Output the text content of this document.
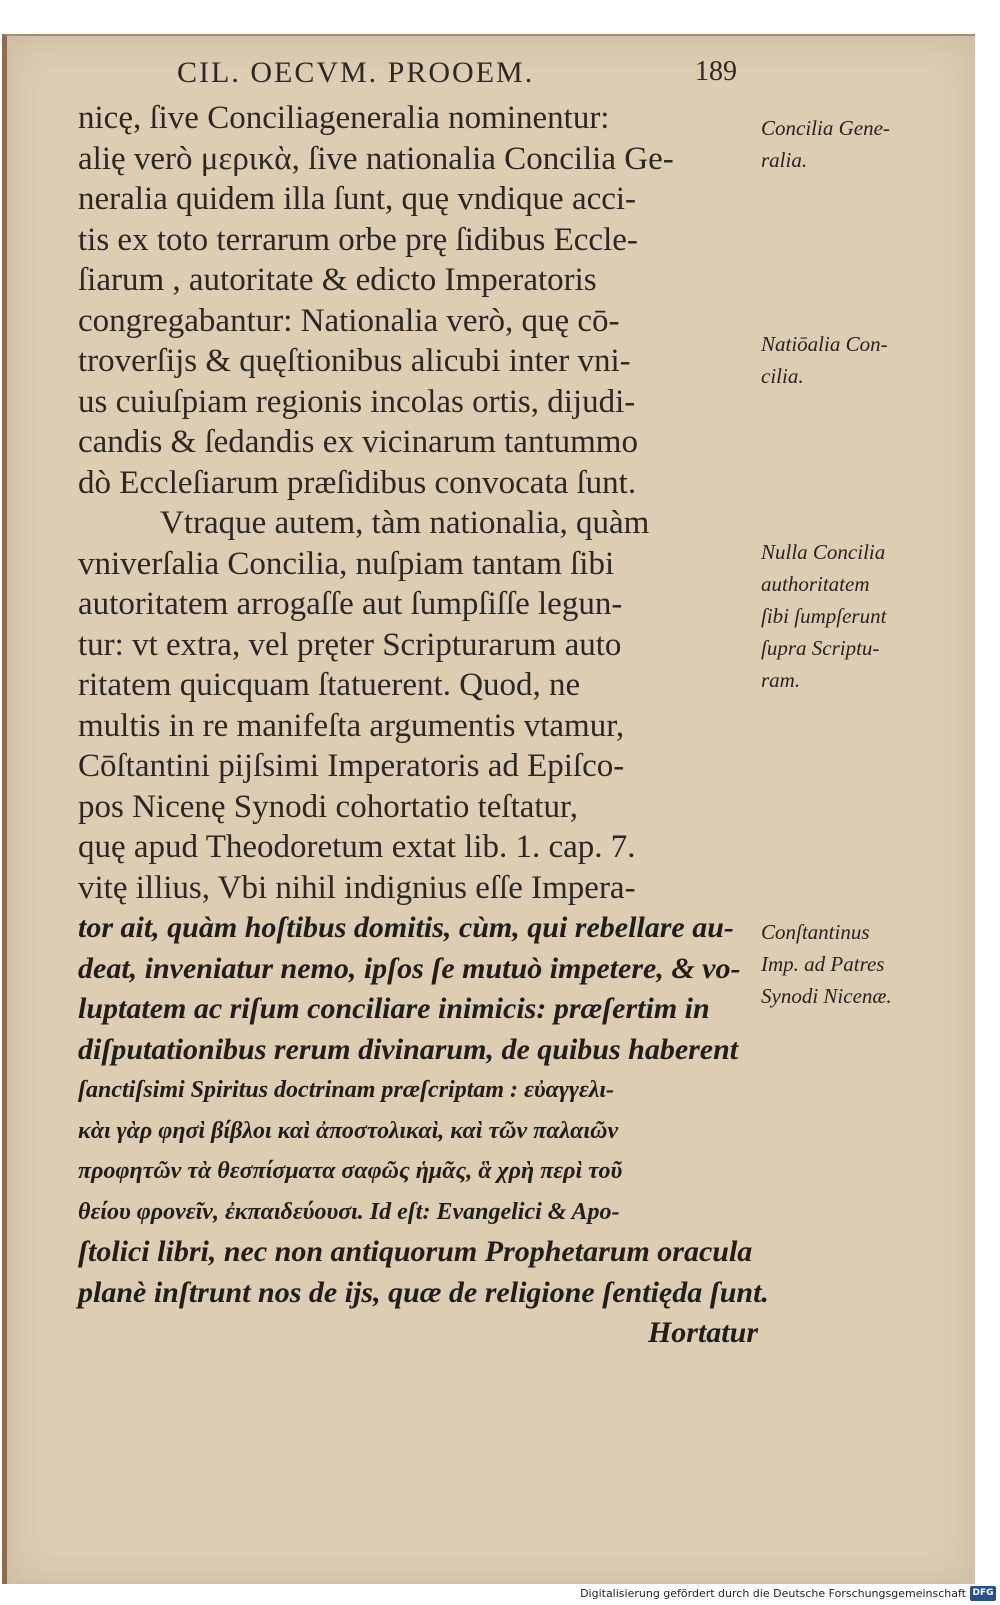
CIL. OECVM. PROOEM.	189
nicę, ſive Conciliageneralia nominentur:
alię verò μερικὰ, ſive nationalia Concilia Ge-
neralia quidem illa ſunt, quę vndique acci-
tis ex toto terrarum orbe prę ſidibus Eccle-
ſiarum , autoritate & edicto Imperatoris
congregabantur: Nationalia verò, quę cō-
troverſijs & quęſtionibus alicubi inter vni-
us cuiuſpiam regionis incolas ortis, dijudi-
candis & ſedandis ex vicinarum tantummo
dò Eccleſiarum præſidibus convocata ſunt.
Vtraque autem, tàm nationalia, quàm
vniverſalia Concilia, nuſpiam tantam ſibi
autoritatem arrogaſſe aut ſumpſiſſe legun-
tur: vt extra, vel pręter Scripturarum auto
ritatem quicquam ſtatuerent. Quod, ne
multis in re manifeſta argumentis vtamur,
Cōſtantini pijſsimi Imperatoris ad Epiſco-
pos Nicenę Synodi cohortatio teſtatur,
quę apud Theodoretum extat lib. 1. cap. 7.
vitę illius, Vbi nihil indignius eſſe Impera-
tor ait, quàm hoſtibus domitis, cùm, qui rebellare au-
deat, inveniatur nemo, ipſos ſe mutuò impetere, & vo-
luptatem ac riſum conciliare inimicis: præſertim in
diſputationibus rerum divinarum, de quibus haberent
ſanctiſsimi Spiritus doctrinam præſcriptam : εὐαγγελι-
κὰι γὰρ φησὶ βίβλοι καὶ ἀποστολικαὶ, καὶ τῶν παλαιῶν
προφητῶν τὰ θεσπίσματα σαφῶς ἡμᾶς, ἃ χρὴ περὶ τοῦ
θείου φρονεῖν, ἐκπαιδεύουσι. Id eſt: Evangelici & Apo-
ſtolici libri, nec non antiquorum Prophetarum oracula
planè inſtrunt nos de ijs, quæ de religione ſentięda ſunt.
Hortatur
Concilia Gene-
ralia.
Natiōalia Con-
cilia.
Nulla Concilia
authoritatem
ſibi ſumpſerunt
ſupra Scriptu-
ram.
Conſtantinus
Imp. ad Patres
Synodi Nicenæ.
Digitalisierung gefördert durch die Deutsche Forschungsgemeinschaft DFG
